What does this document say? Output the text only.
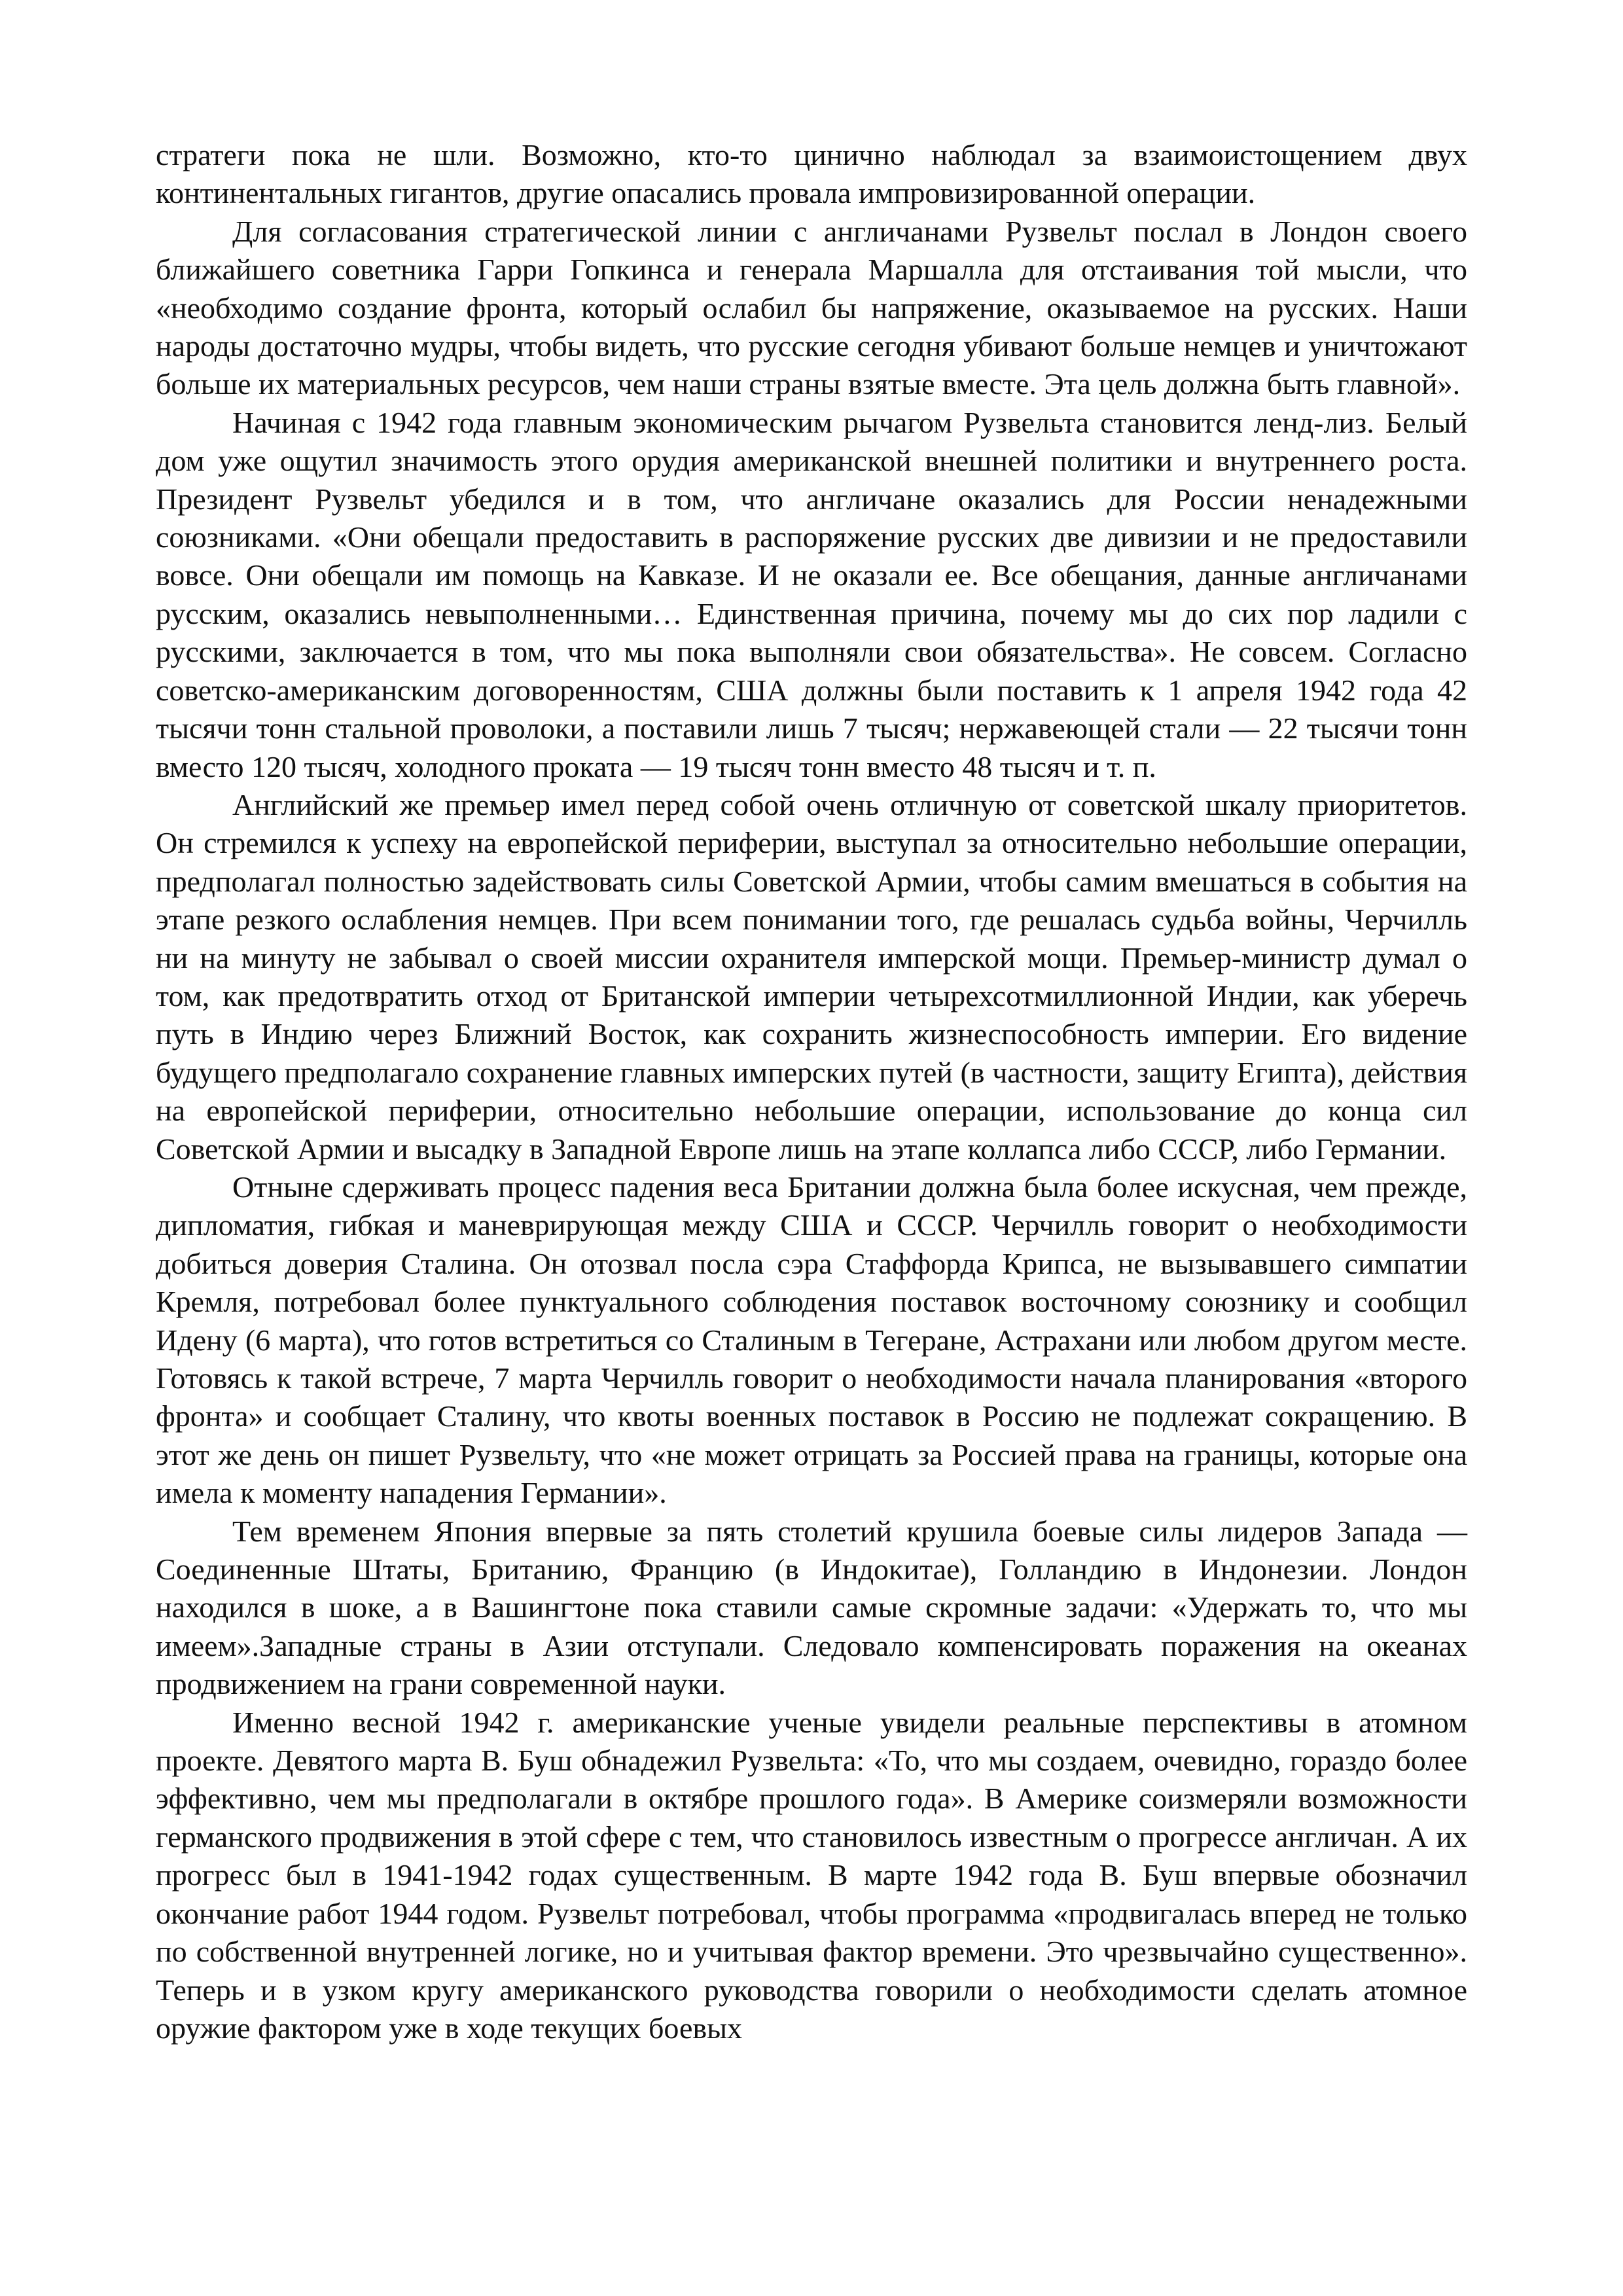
стратеги пока не шли. Возможно, кто-то цинично наблюдал за взаимоистощением двух континентальных гигантов, другие опасались провала импровизированной операции.

Для согласования стратегической линии с англичанами Рузвельт послал в Лондон своего ближайшего советника Гарри Гопкинса и генерала Маршалла для отстаивания той мысли, что «необходимо создание фронта, который ослабил бы напряжение, оказываемое на русских. Наши народы достаточно мудры, чтобы видеть, что русские сегодня убивают больше немцев и уничтожают больше их материальных ресурсов, чем наши страны взятые вместе. Эта цель должна быть главной».

Начиная с 1942 года главным экономическим рычагом Рузвельта становится ленд-лиз. Белый дом уже ощутил значимость этого орудия американской внешней политики и внутреннего роста. Президент Рузвельт убедился и в том, что англичане оказались для России ненадежными союзниками. «Они обещали предоставить в распоряжение русских две дивизии и не предоставили вовсе. Они обещали им помощь на Кавказе. И не оказали ее. Все обещания, данные англичанами русским, оказались невыполненными… Единственная причина, почему мы до сих пор ладили с русскими, заключается в том, что мы пока выполняли свои обязательства». Не совсем. Согласно советско-американским договоренностям, США должны были поставить к 1 апреля 1942 года 42 тысячи тонн стальной проволоки, а поставили лишь 7 тысяч; нержавеющей стали — 22 тысячи тонн вместо 120 тысяч, холодного проката — 19 тысяч тонн вместо 48 тысяч и т. п.

Английский же премьер имел перед собой очень отличную от советской шкалу приоритетов. Он стремился к успеху на европейской периферии, выступал за относительно небольшие операции, предполагал полностью задействовать силы Советской Армии, чтобы самим вмешаться в события на этапе резкого ослабления немцев. При всем понимании того, где решалась судьба войны, Черчилль ни на минуту не забывал о своей миссии охранителя имперской мощи. Премьер-министр думал о том, как предотвратить отход от Британской империи четырехсотмиллионной Индии, как уберечь путь в Индию через Ближний Восток, как сохранить жизнеспособность империи. Его видение будущего предполагало сохранение главных имперских путей (в частности, защиту Египта), действия на европейской периферии, относительно небольшие операции, использование до конца сил Советской Армии и высадку в Западной Европе лишь на этапе коллапса либо СССР, либо Германии.

Отныне сдерживать процесс падения веса Британии должна была более искусная, чем прежде, дипломатия, гибкая и маневрирующая между США и СССР. Черчилль говорит о необходимости добиться доверия Сталина. Он отозвал посла сэра Стаффорда Крипса, не вызывавшего симпатии Кремля, потребовал более пунктуального соблюдения поставок восточному союзнику и сообщил Идену (6 марта), что готов встретиться со Сталиным в Тегеране, Астрахани или любом другом месте. Готовясь к такой встрече, 7 марта Черчилль говорит о необходимости начала планирования «второго фронта» и сообщает Сталину, что квоты военных поставок в Россию не подлежат сокращению. В этот же день он пишет Рузвельту, что «не может отрицать за Россией права на границы, которые она имела к моменту нападения Германии».

Тем временем Япония впервые за пять столетий крушила боевые силы лидеров Запада — Соединенные Штаты, Британию, Францию (в Индокитае), Голландию в Индонезии. Лондон находился в шоке, а в Вашингтоне пока ставили самые скромные задачи: «Удержать то, что мы имеем».Западные страны в Азии отступали. Следовало компенсировать поражения на океанах продвижением на грани современной науки.

Именно весной 1942 г. американские ученые увидели реальные перспективы в атомном проекте. Девятого марта В. Буш обнадежил Рузвельта: «То, что мы создаем, очевидно, гораздо более эффективно, чем мы предполагали в октябре прошлого года». В Америке соизмеряли возможности германского продвижения в этой сфере с тем, что становилось известным о прогрессе англичан. А их прогресс был в 1941-1942 годах существенным. В марте 1942 года В. Буш впервые обозначил окончание работ 1944 годом. Рузвельт потребовал, чтобы программа «продвигалась вперед не только по собственной внутренней логике, но и учитывая фактор времени. Это чрезвычайно существенно». Теперь и в узком кругу американского руководства говорили о необходимости сделать атомное оружие фактором уже в ходе текущих боевых
